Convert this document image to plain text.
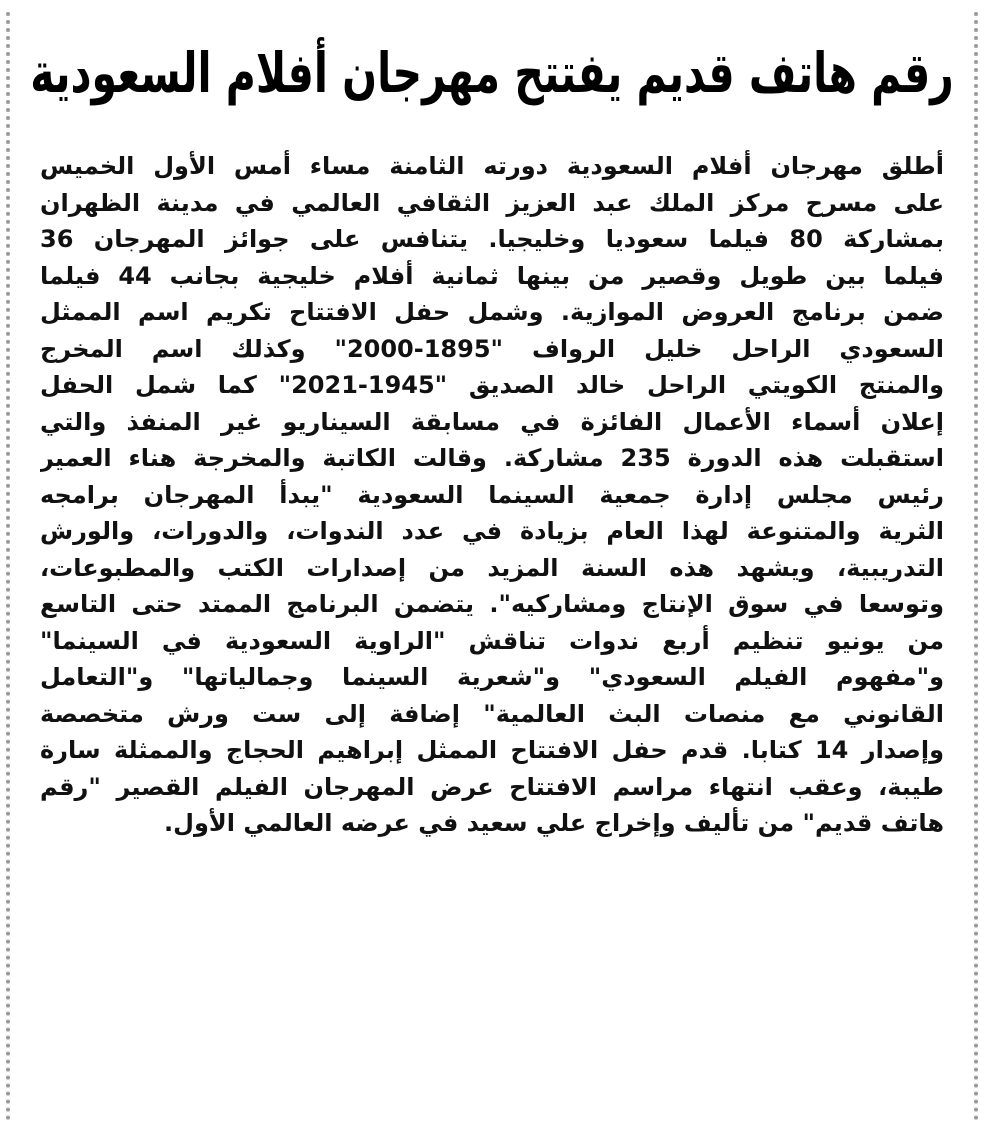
رقم هاتف قديم يفتتح مهرجان أفلام السعودية
أطلق مهرجان أفلام السعودية دورته الثامنة مساء أمس الأول الخميس
على مسرح مركز الملك عبد العزيز الثقافي العالمي في مدينة الظهران
بمشاركة 80 فيلما سعوديا وخليجيا. يتنافس على جوائز المهرجان 36
فيلما بين طويل وقصير من بينها ثمانية أفلام خليجية بجانب 44 فيلما
ضمن برنامج العروض الموازية. وشمل حفل الافتتاح تكريم اسم الممثل
السعودي الراحل خليل الرواف "1895-2000" وكذلك اسم المخرج
والمنتج الكويتي الراحل خالد الصديق "1945-2021" كما شمل الحفل
إعلان أسماء الأعمال الفائزة في مسابقة السيناريو غير المنفذ والتي
استقبلت هذه الدورة 235 مشاركة. وقالت الكاتبة والمخرجة هناء العمير
رئيس مجلس إدارة جمعية السينما السعودية "يبدأ المهرجان برامجه
الثرية والمتنوعة لهذا العام بزيادة في عدد الندوات، والدورات، والورش
التدريبية، ويشهد هذه السنة المزيد من إصدارات الكتب والمطبوعات،
وتوسعا في سوق الإنتاج ومشاركيه". يتضمن البرنامج الممتد حتى التاسع
من يونيو تنظيم أربع ندوات تناقش "الراوية السعودية في السينما"
و"مفهوم الفيلم السعودي" و"شعرية السينما وجمالياتها" و"التعامل
القانوني مع منصات البث العالمية" إضافة إلى ست ورش متخصصة
وإصدار 14 كتابا. قدم حفل الافتتاح الممثل إبراهيم الحجاج والممثلة سارة
طيبة، وعقب انتهاء مراسم الافتتاح عرض المهرجان الفيلم القصير "رقم
هاتف قديم" من تأليف وإخراج علي سعيد في عرضه العالمي الأول.
